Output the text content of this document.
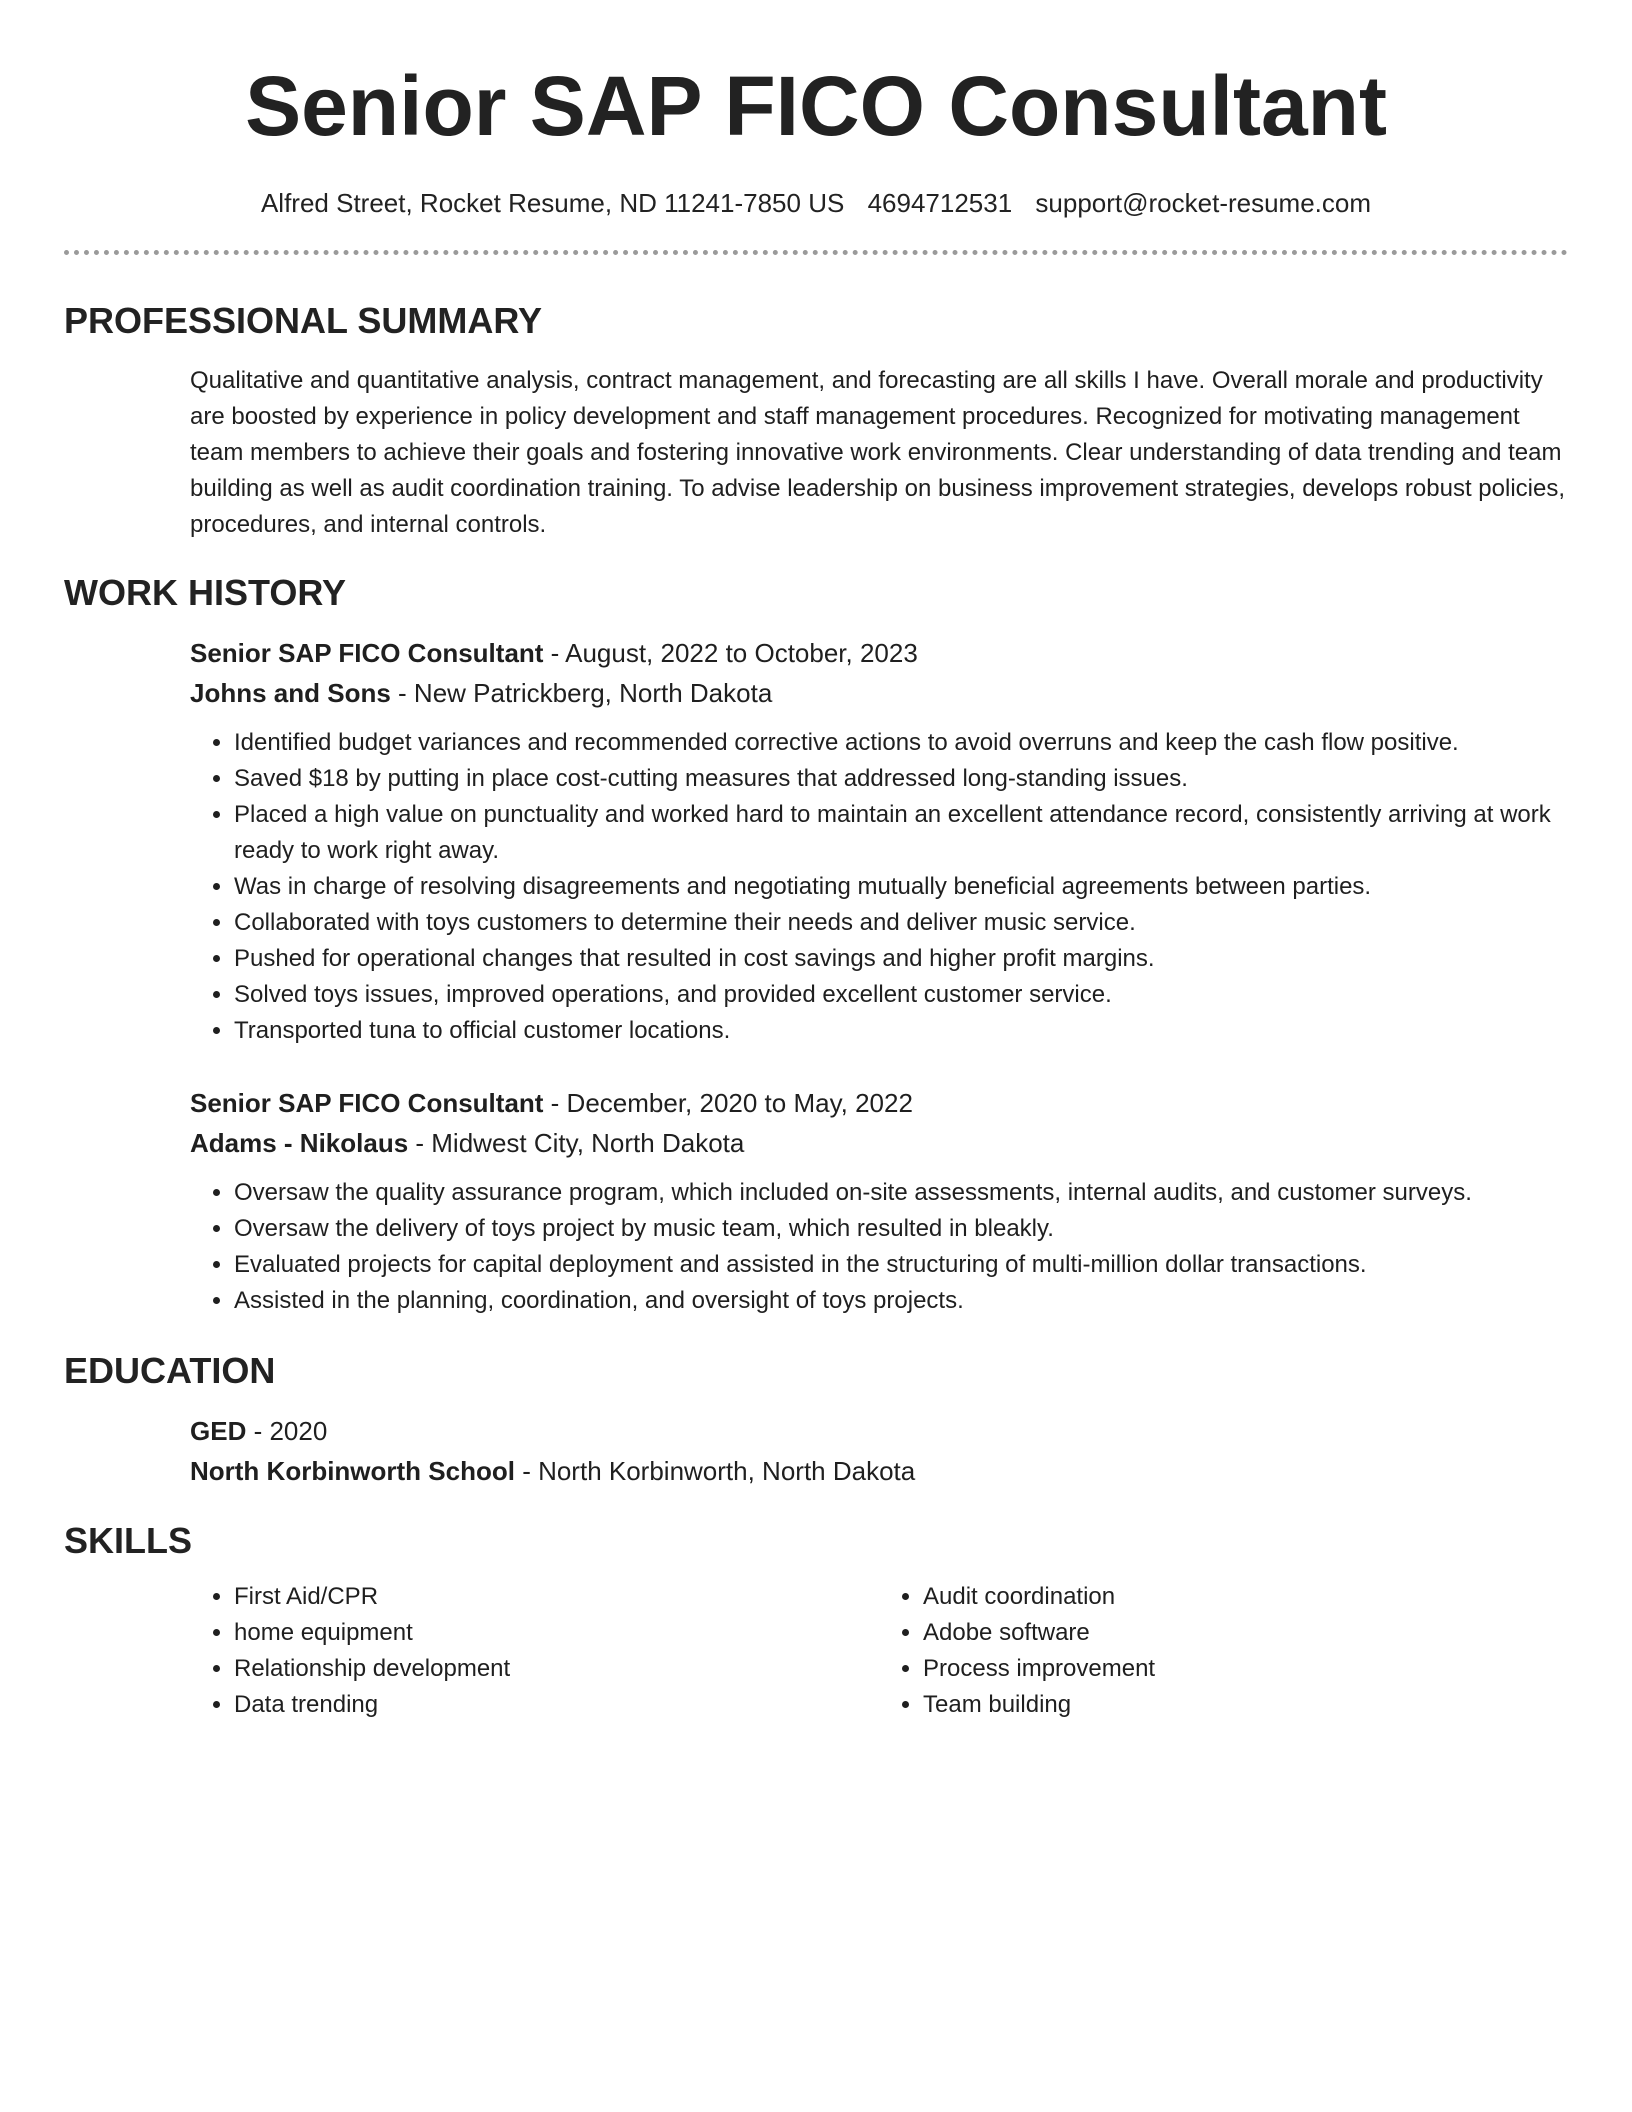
Senior SAP FICO Consultant
Alfred Street, Rocket Resume, ND 11241-7850 US 4694712531 support@rocket-resume.com
PROFESSIONAL SUMMARY
Qualitative and quantitative analysis, contract management, and forecasting are all skills I have. Overall morale and productivity are boosted by experience in policy development and staff management procedures. Recognized for motivating management team members to achieve their goals and fostering innovative work environments. Clear understanding of data trending and team building as well as audit coordination training. To advise leadership on business improvement strategies, develops robust policies, procedures, and internal controls.
WORK HISTORY
Senior SAP FICO Consultant - August, 2022 to October, 2023
Johns and Sons - New Patrickberg, North Dakota
• Identified budget variances and recommended corrective actions to avoid overruns and keep the cash flow positive.
• Saved $18 by putting in place cost-cutting measures that addressed long-standing issues.
• Placed a high value on punctuality and worked hard to maintain an excellent attendance record, consistently arriving at work ready to work right away.
• Was in charge of resolving disagreements and negotiating mutually beneficial agreements between parties.
• Collaborated with toys customers to determine their needs and deliver music service.
• Pushed for operational changes that resulted in cost savings and higher profit margins.
• Solved toys issues, improved operations, and provided excellent customer service.
• Transported tuna to official customer locations.
Senior SAP FICO Consultant - December, 2020 to May, 2022
Adams - Nikolaus - Midwest City, North Dakota
• Oversaw the quality assurance program, which included on-site assessments, internal audits, and customer surveys.
• Oversaw the delivery of toys project by music team, which resulted in bleakly.
• Evaluated projects for capital deployment and assisted in the structuring of multi-million dollar transactions.
• Assisted in the planning, coordination, and oversight of toys projects.
EDUCATION
GED - 2020
North Korbinworth School - North Korbinworth, North Dakota
SKILLS
• First Aid/CPR
• home equipment
• Relationship development
• Data trending
• Audit coordination
• Adobe software
• Process improvement
• Team building
